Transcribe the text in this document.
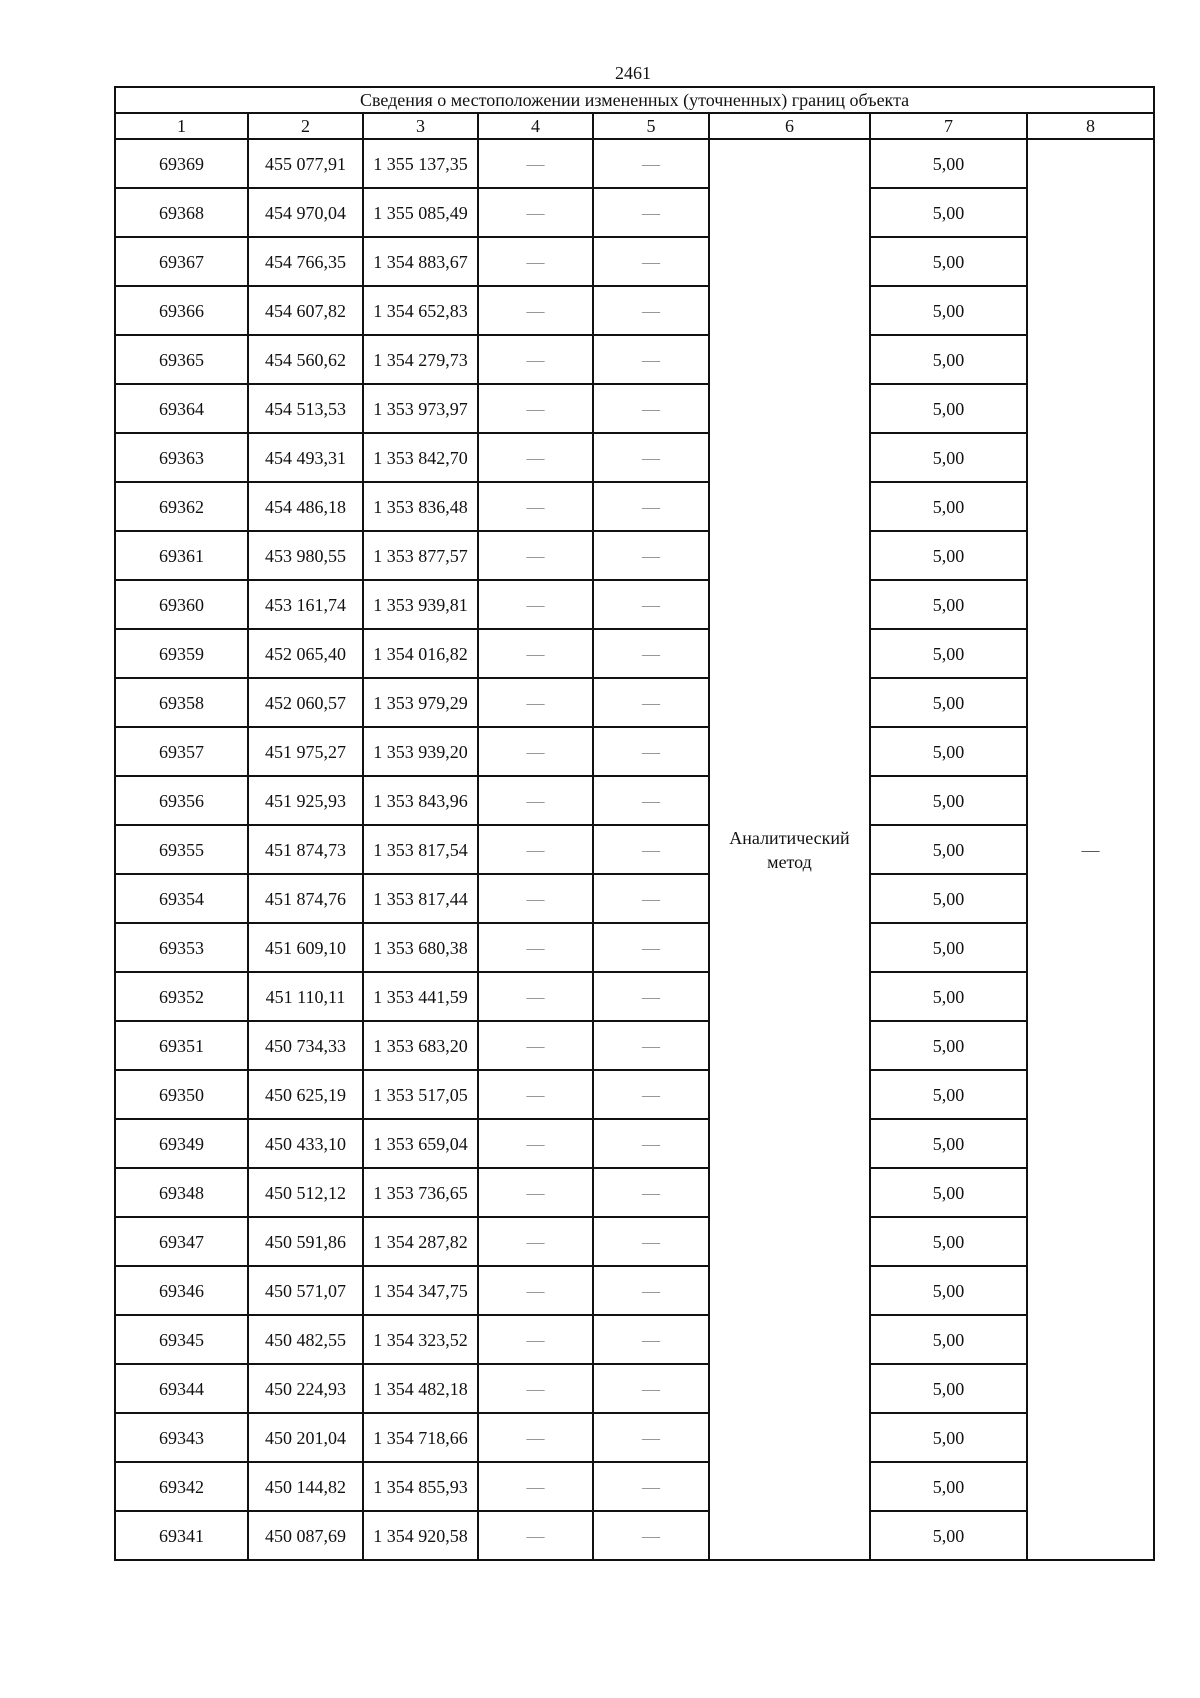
2461
Сведения о местоположении измененных (уточненных) границ объекта							
1	2	3	4	5	6	7	8
69369	455 077,91	1 355 137,35	—	—	Аналитический метод	5,00	—
69368	454 970,04	1 355 085,49	—	—		5,00	
69367	454 766,35	1 354 883,67	—	—		5,00	
69366	454 607,82	1 354 652,83	—	—		5,00	
69365	454 560,62	1 354 279,73	—	—		5,00	
69364	454 513,53	1 353 973,97	—	—		5,00	
69363	454 493,31	1 353 842,70	—	—		5,00	
69362	454 486,18	1 353 836,48	—	—		5,00	
69361	453 980,55	1 353 877,57	—	—		5,00	
69360	453 161,74	1 353 939,81	—	—		5,00	
69359	452 065,40	1 354 016,82	—	—		5,00	
69358	452 060,57	1 353 979,29	—	—		5,00	
69357	451 975,27	1 353 939,20	—	—		5,00	
69356	451 925,93	1 353 843,96	—	—		5,00	
69355	451 874,73	1 353 817,54	—	—		5,00	
69354	451 874,76	1 353 817,44	—	—		5,00	
69353	451 609,10	1 353 680,38	—	—		5,00	
69352	451 110,11	1 353 441,59	—	—		5,00	
69351	450 734,33	1 353 683,20	—	—		5,00	
69350	450 625,19	1 353 517,05	—	—		5,00	
69349	450 433,10	1 353 659,04	—	—		5,00	
69348	450 512,12	1 353 736,65	—	—		5,00	
69347	450 591,86	1 354 287,82	—	—		5,00	
69346	450 571,07	1 354 347,75	—	—		5,00	
69345	450 482,55	1 354 323,52	—	—		5,00	
69344	450 224,93	1 354 482,18	—	—		5,00	
69343	450 201,04	1 354 718,66	—	—		5,00	
69342	450 144,82	1 354 855,93	—	—		5,00	
69341	450 087,69	1 354 920,58	—	—		5,00	
